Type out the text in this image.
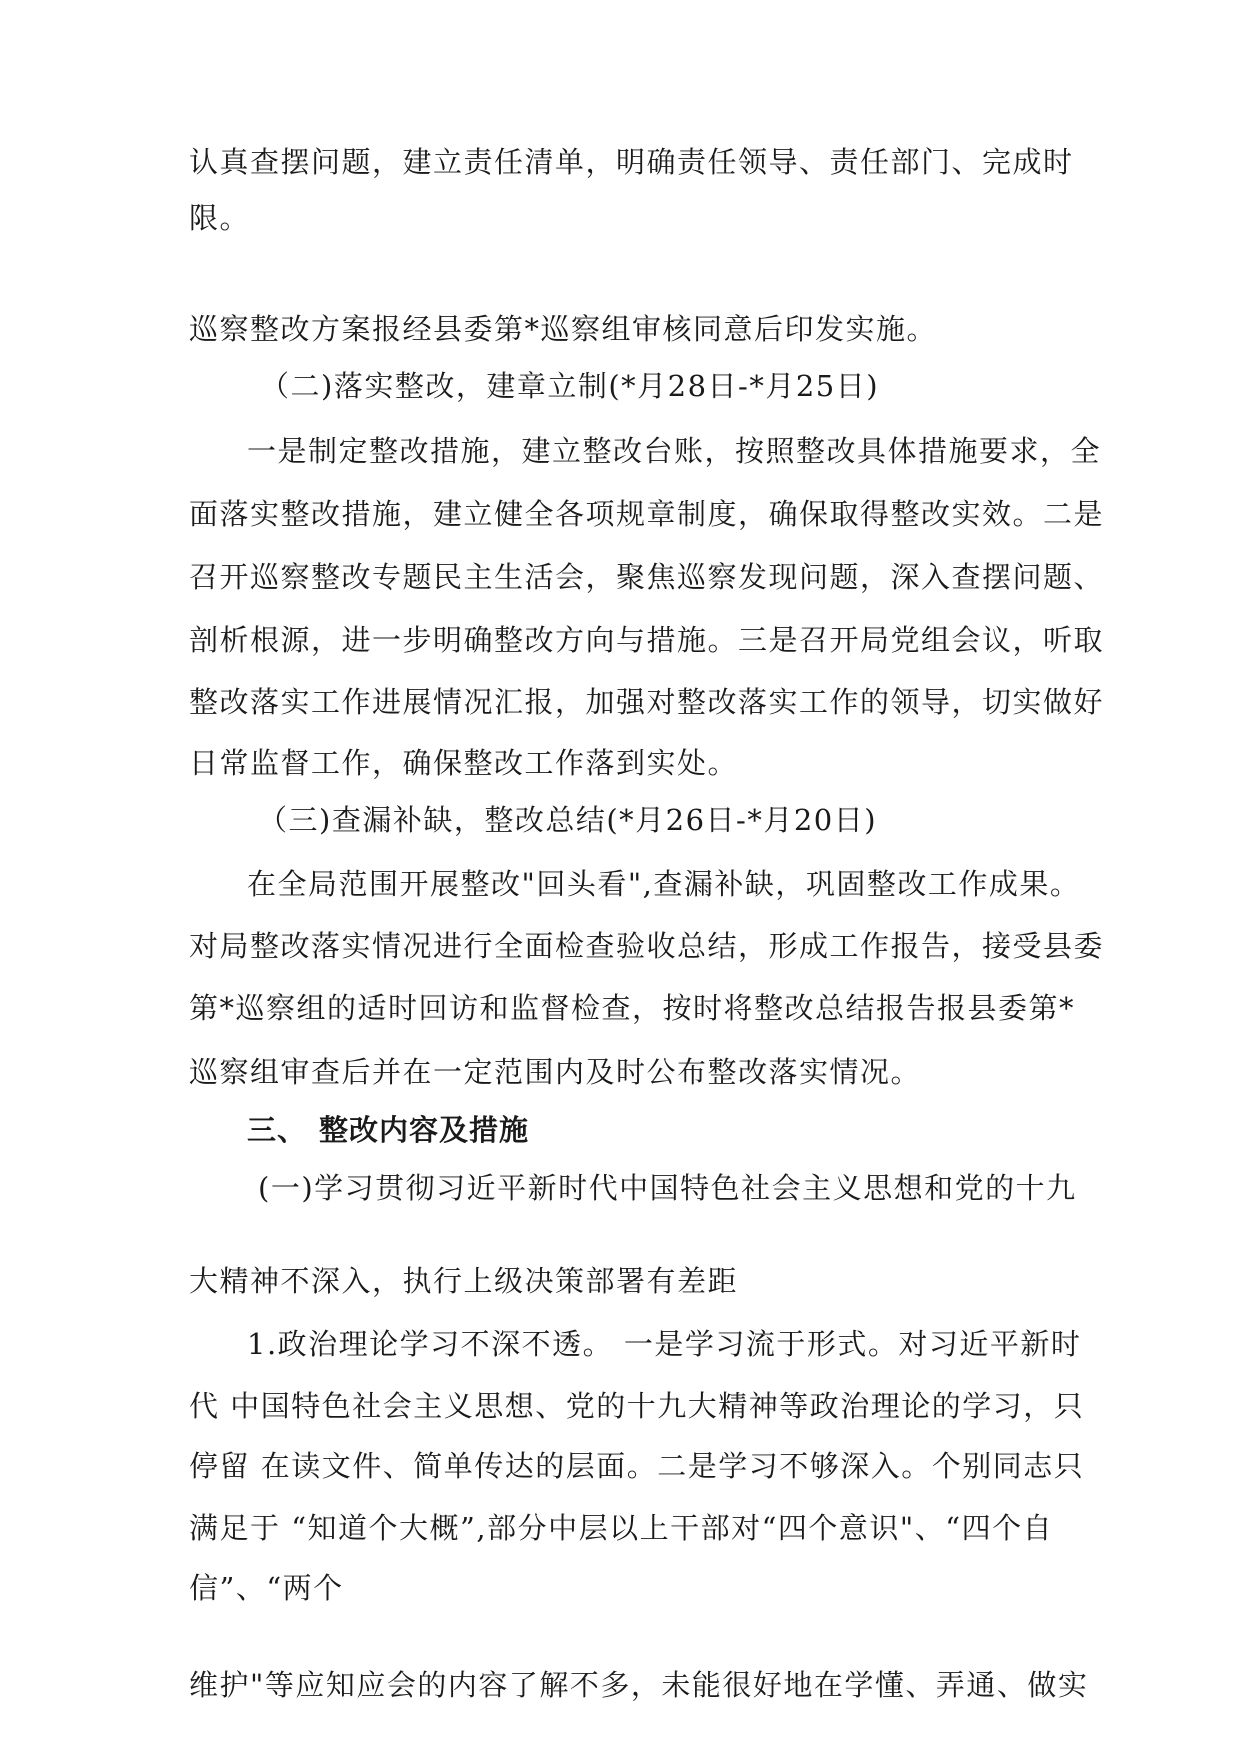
认真查摆问题，建立责任清单，明确责任领导、责任部门、完成时
限。
巡察整改方案报经县委第*巡察组审核同意后印发实施。
（二)落实整改，建章立制(*月28日-*月25日)
一是制定整改措施，建立整改台账，按照整改具体措施要求，全
面落实整改措施，建立健全各项规章制度，确保取得整改实效。二是
召开巡察整改专题民主生活会，聚焦巡察发现问题，深入查摆问题、
剖析根源，进一步明确整改方向与措施。三是召开局党组会议，听取
整改落实工作进展情况汇报，加强对整改落实工作的领导，切实做好
日常监督工作，确保整改工作落到实处。
（三)查漏补缺，整改总结(*月26日-*月20日)
在全局范围开展整改"回头看",查漏补缺，巩固整改工作成果。
对局整改落实情况进行全面检查验收总结，形成工作报告，接受县委
第*巡察组的适时回访和监督检查，按时将整改总结报告报县委第*
巡察组审查后并在一定范围内及时公布整改落实情况。
三、 整改内容及措施
(一)学习贯彻习近平新时代中国特色社会主义思想和党的十九
大精神不深入，执行上级决策部署有差距
1.政治理论学习不深不透。 一是学习流于形式。对习近平新时
代 中国特色社会主义思想、党的十九大精神等政治理论的学习，只
停留 在读文件、简单传达的层面。二是学习不够深入。个别同志只
满足于 “知道个大概”,部分中层以上干部对“四个意识"、“四个自
信”、“两个
维护"等应知应会的内容了解不多，未能很好地在学懂、弄通、做实
